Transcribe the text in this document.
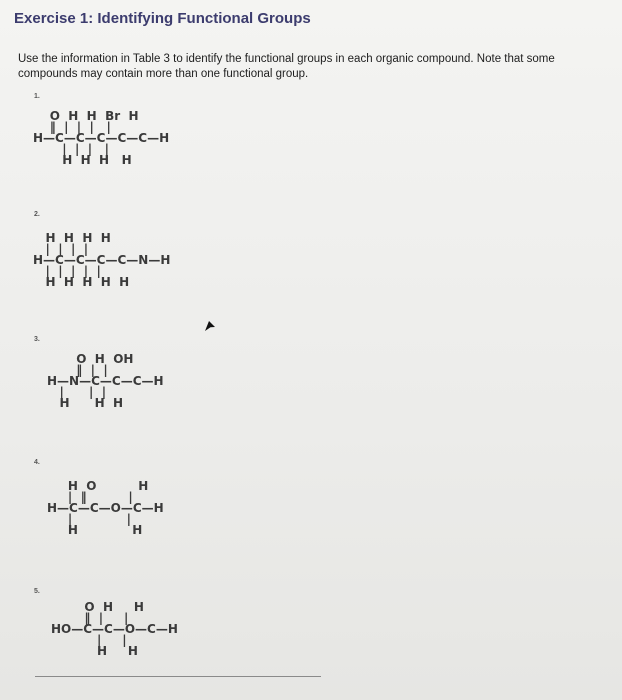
Exercise 1: Identifying Functional Groups
Use the information in Table 3 to identify the functional groups in each organic compound. Note that some compounds may contain more than one functional group.
1.
O  H  H  Br  H
‖  |  |  |   |
H—C—C—C—C—C—H
|  |  |   |
H  H  H   H
2.
H  H  H  H
|  |  |  |
H—C—C—C—C—N—H
|  |  |  |  |
H  H  H  H  H
3.
O  H  OH
‖  |  |
H—N—C—C—C—H
|      |  |
H      H  H
4.
H  O          H
|  ‖          |
H—C—C—O—C—H
|             |
H             H
5.
O  H     H
‖  |     |
HO—C—C—O—C—H
|     |
H     H
